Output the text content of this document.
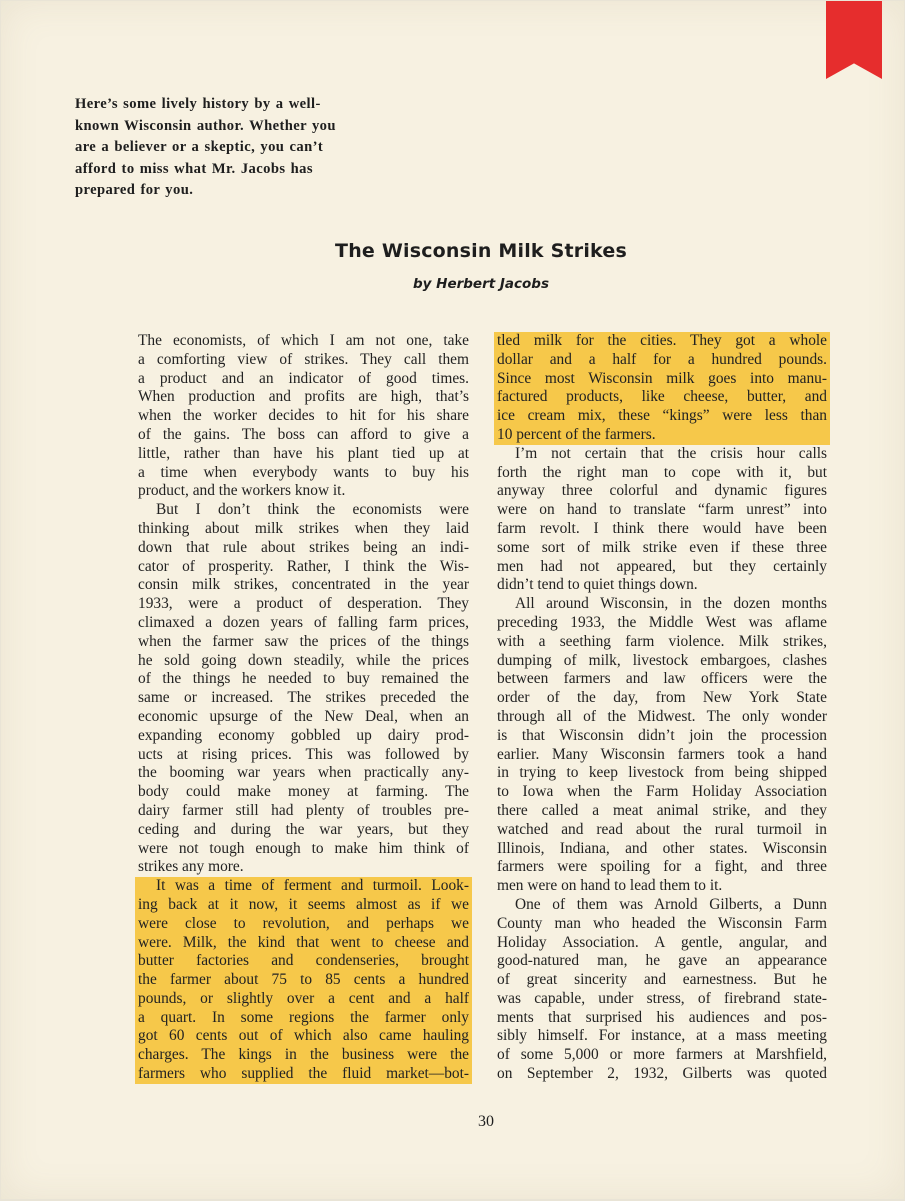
Here’s some lively history by a well-
known Wisconsin author. Whether you
are a believer or a skeptic, you can’t
afford to miss what Mr. Jacobs has
prepared for you.

The Wisconsin Milk Strikes

by Herbert Jacobs

The economists, of which I am not one, take
a comforting view of strikes. They call them
a product and an indicator of good times.
When production and profits are high, that’s
when the worker decides to hit for his share
of the gains. The boss can afford to give a
little, rather than have his plant tied up at
a time when everybody wants to buy his
product, and the workers know it.
But I don’t think the economists were
thinking about milk strikes when they laid
down that rule about strikes being an indi-
cator of prosperity. Rather, I think the Wis-
consin milk strikes, concentrated in the year
1933, were a product of desperation. They
climaxed a dozen years of falling farm prices,
when the farmer saw the prices of the things
he sold going down steadily, while the prices
of the things he needed to buy remained the
same or increased. The strikes preceded the
economic upsurge of the New Deal, when an
expanding economy gobbled up dairy prod-
ucts at rising prices. This was followed by
the booming war years when practically any-
body could make money at farming. The
dairy farmer still had plenty of troubles pre-
ceding and during the war years, but they
were not tough enough to make him think of
strikes any more.
It was a time of ferment and turmoil. Look-
ing back at it now, it seems almost as if we
were close to revolution, and perhaps we
were. Milk, the kind that went to cheese and
butter factories and condenseries, brought
the farmer about 75 to 85 cents a hundred
pounds, or slightly over a cent and a half
a quart. In some regions the farmer only
got 60 cents out of which also came hauling
charges. The kings in the business were the
farmers who supplied the fluid market—bot-
tled milk for the cities. They got a whole
dollar and a half for a hundred pounds.
Since most Wisconsin milk goes into manu-
factured products, like cheese, butter, and
ice cream mix, these “kings” were less than
10 percent of the farmers.
I’m not certain that the crisis hour calls
forth the right man to cope with it, but
anyway three colorful and dynamic figures
were on hand to translate “farm unrest” into
farm revolt. I think there would have been
some sort of milk strike even if these three
men had not appeared, but they certainly
didn’t tend to quiet things down.
All around Wisconsin, in the dozen months
preceding 1933, the Middle West was aflame
with a seething farm violence. Milk strikes,
dumping of milk, livestock embargoes, clashes
between farmers and law officers were the
order of the day, from New York State
through all of the Midwest. The only wonder
is that Wisconsin didn’t join the procession
earlier. Many Wisconsin farmers took a hand
in trying to keep livestock from being shipped
to Iowa when the Farm Holiday Association
there called a meat animal strike, and they
watched and read about the rural turmoil in
Illinois, Indiana, and other states. Wisconsin
farmers were spoiling for a fight, and three
men were on hand to lead them to it.
One of them was Arnold Gilberts, a Dunn
County man who headed the Wisconsin Farm
Holiday Association. A gentle, angular, and
good-natured man, he gave an appearance
of great sincerity and earnestness. But he
was capable, under stress, of firebrand state-
ments that surprised his audiences and pos-
sibly himself. For instance, at a mass meeting
of some 5,000 or more farmers at Marshfield,
on September 2, 1932, Gilberts was quoted

30
